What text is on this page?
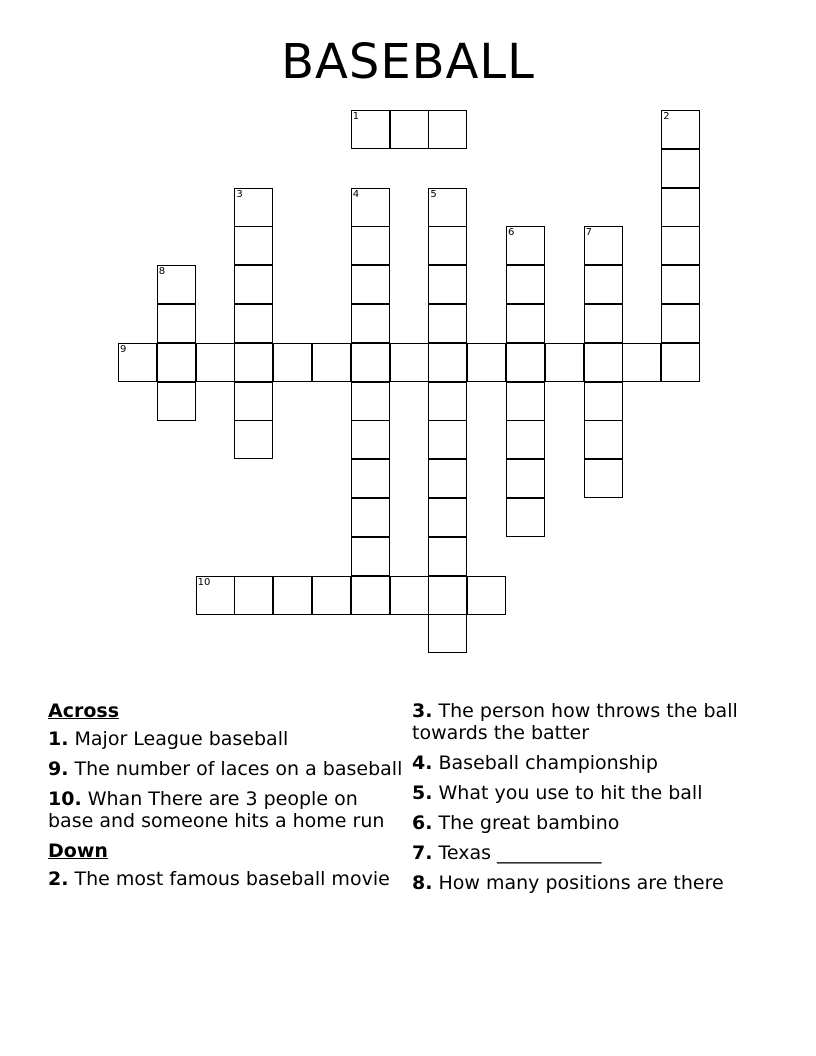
BASEBALL
1	2
3	4	5
6	7
8
9
10
Across
1. Major League baseball
9. The number of laces on a baseball
10. Whan There are 3 people on base and someone hits a home run
Down
2. The most famous baseball movie
3. The person how throws the ball towards the batter
4. Baseball championship
5. What you use to hit the ball
6. The great bambino
7. Texas ___________
8. How many positions are there
